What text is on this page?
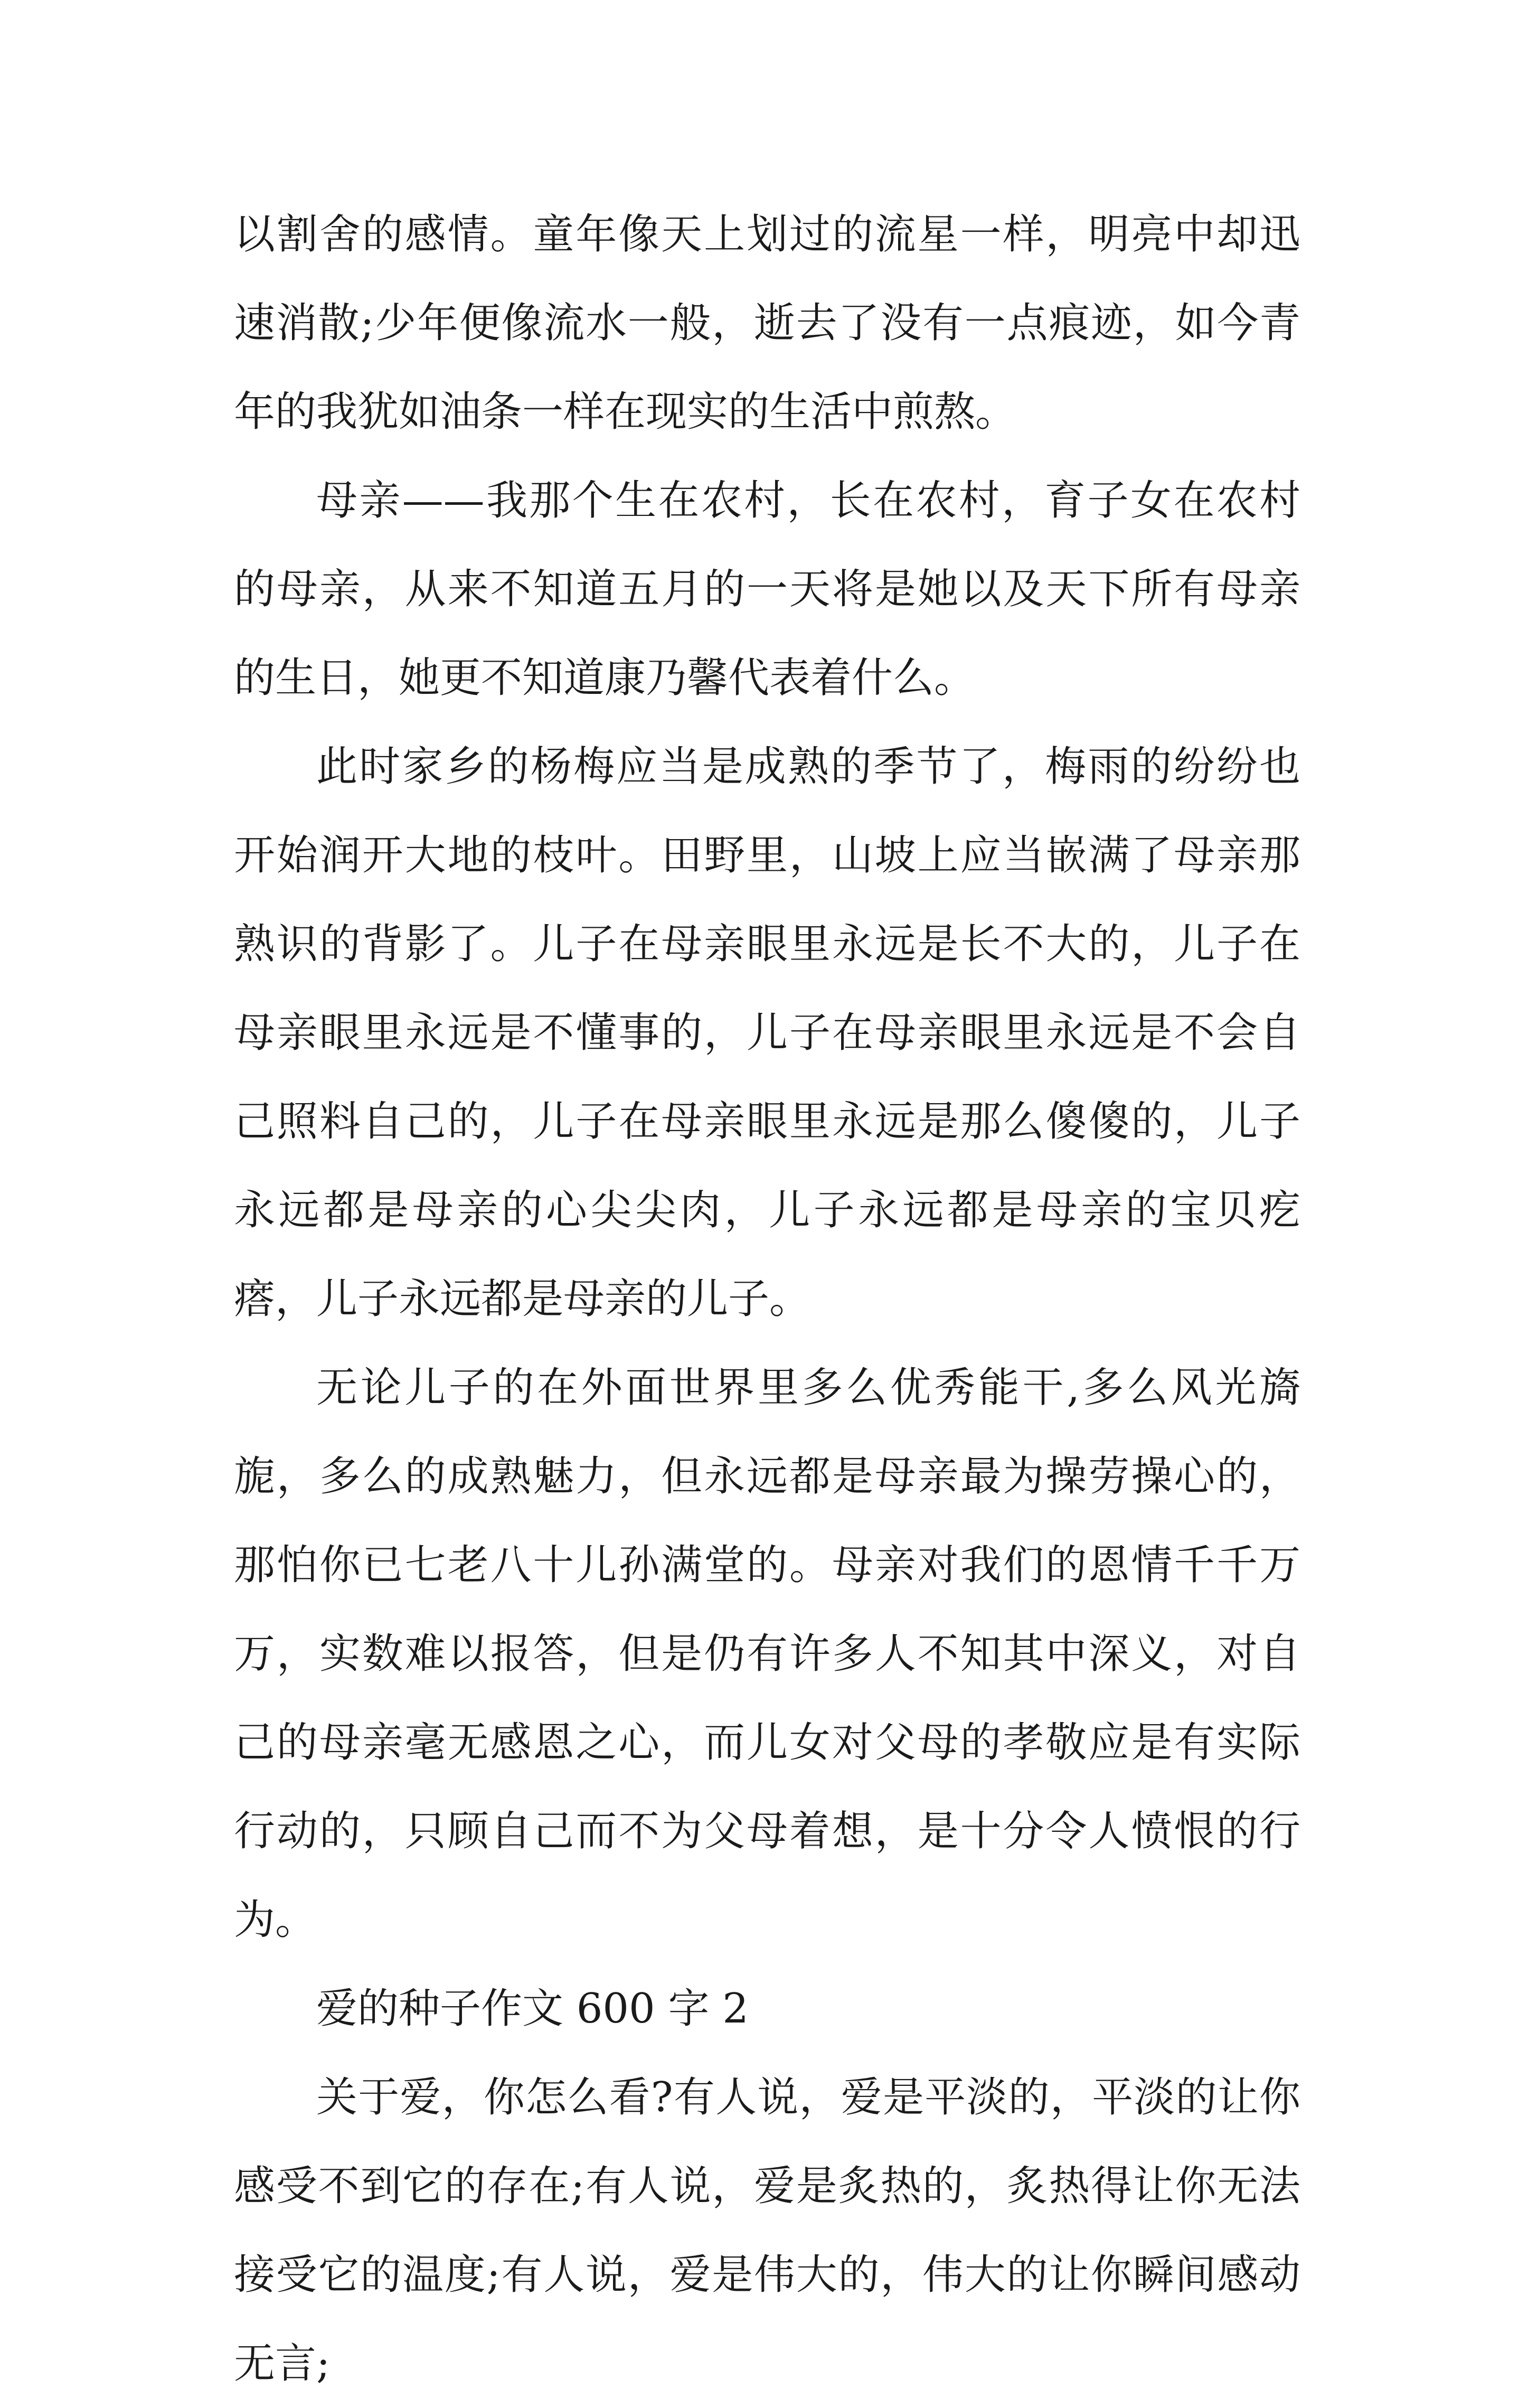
以割舍的感情。童年像天上划过的流星一样，明亮中却迅速消散;少年便像流水一般，逝去了没有一点痕迹，如今青年的我犹如油条一样在现实的生活中煎熬。

母亲——我那个生在农村，长在农村，育子女在农村的母亲，从来不知道五月的一天将是她以及天下所有母亲的生日，她更不知道康乃馨代表着什么。

此时家乡的杨梅应当是成熟的季节了，梅雨的纷纷也开始润开大地的枝叶。田野里，山坡上应当嵌满了母亲那熟识的背影了。儿子在母亲眼里永远是长不大的，儿子在母亲眼里永远是不懂事的，儿子在母亲眼里永远是不会自己照料自己的，儿子在母亲眼里永远是那么傻傻的，儿子永远都是母亲的心尖尖肉，儿子永远都是母亲的宝贝疙瘩，儿子永远都是母亲的儿子。

无论儿子的在外面世界里多么优秀能干,多么风光旖旎，多么的成熟魅力，但永远都是母亲最为操劳操心的，那怕你已七老八十儿孙满堂的。母亲对我们的恩情千千万万，实数难以报答，但是仍有许多人不知其中深义，对自己的母亲毫无感恩之心，而儿女对父母的孝敬应是有实际行动的，只顾自己而不为父母着想，是十分令人愤恨的行为。

爱的种子作文 600 字 2

关于爱，你怎么看?有人说，爱是平淡的，平淡的让你感受不到它的存在;有人说，爱是炙热的，炙热得让你无法接受它的温度;有人说，爱是伟大的，伟大的让你瞬间感动无言;
